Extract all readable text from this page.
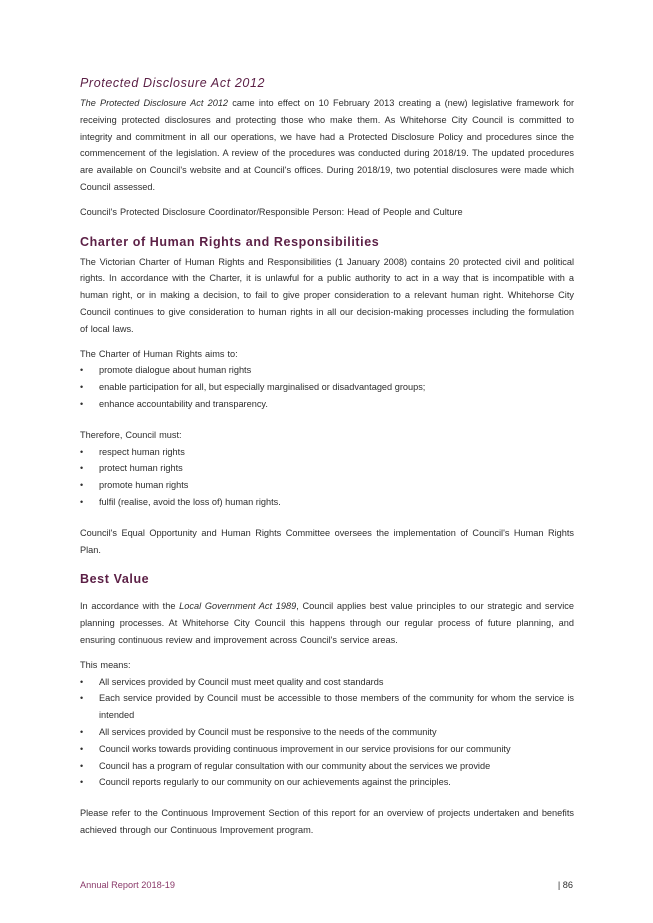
Protected Disclosure Act 2012

The Protected Disclosure Act 2012 came into effect on 10 February 2013 creating a (new) legislative framework for receiving protected disclosures and protecting those who make them. As Whitehorse City Council is committed to integrity and commitment in all our operations, we have had a Protected Disclosure Policy and procedures since the commencement of the legislation. A review of the procedures was conducted during 2018/19. The updated procedures are available on Council's website and at Council's offices. During 2018/19, two potential disclosures were made which Council assessed.

Council's Protected Disclosure Coordinator/Responsible Person: Head of People and Culture

Charter of Human Rights and Responsibilities

The Victorian Charter of Human Rights and Responsibilities (1 January 2008) contains 20 protected civil and political rights. In accordance with the Charter, it is unlawful for a public authority to act in a way that is incompatible with a human right, or in making a decision, to fail to give proper consideration to a relevant human right. Whitehorse City Council continues to give consideration to human rights in all our decision-making processes including the formulation of local laws.

The Charter of Human Rights aims to:

• promote dialogue about human rights
• enable participation for all, but especially marginalised or disadvantaged groups;
• enhance accountability and transparency.

Therefore, Council must:

• respect human rights
• protect human rights
• promote human rights
• fulfil (realise, avoid the loss of) human rights.

Council's Equal Opportunity and Human Rights Committee oversees the implementation of Council's Human Rights Plan.

Best Value

In accordance with the Local Government Act 1989, Council applies best value principles to our strategic and service planning processes. At Whitehorse City Council this happens through our regular process of future planning, and ensuring continuous review and improvement across Council's service areas.

This means:

• All services provided by Council must meet quality and cost standards
• Each service provided by Council must be accessible to those members of the community for whom the service is intended
• All services provided by Council must be responsive to the needs of the community
• Council works towards providing continuous improvement in our service provisions for our community
• Council has a program of regular consultation with our community about the services we provide
• Council reports regularly to our community on our achievements against the principles.

Please refer to the Continuous Improvement Section of this report for an overview of projects undertaken and benefits achieved through our Continuous Improvement program.

Annual Report 2018-19	| 86
